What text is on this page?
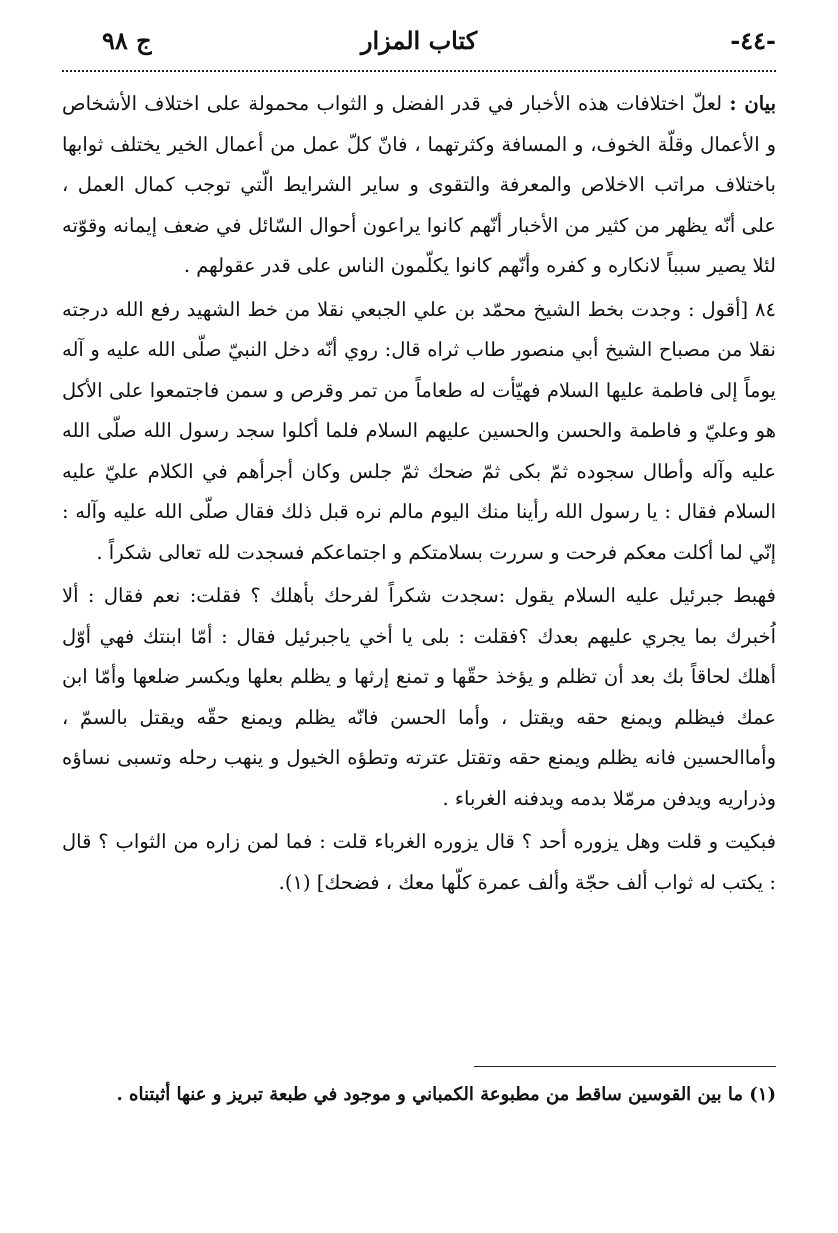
-٤٤-
كتاب المزار
ج ٩٨

بيان : لعلّ اختلافات هذه الأخبار في قدر الفضل و الثواب محمولة على اختلاف الأشخاص و الأعمال وقلّة الخوف، و المسافة وكثرتهما ، فانّ كلّ عمل من أعمال الخير يختلف ثوابها باختلاف مراتب الاخلاص والمعرفة والتقوى و ساير الشرايط الّتي توجب كمال العمل ، على أنّه يظهر من كثير من الأخبار أنّهم كانوا يراعون أحوال السّائل في ضعف إيمانه وقوّته لئلا يصير سبباً لانكاره و كفره وأنّهم كانوا يكلّمون الناس على قدر عقولهم .

٨٤ [أقول : وجدت بخط الشيخ محمّد بن علي الجبعي نقلا من خط الشهيد رفع الله درجته نقلا من مصباح الشيخ أبي منصور طاب ثراه قال: روي أنّه دخل النبيّ صلّى الله عليه و آله يوماً إلى فاطمة عليها السلام فهيّأت له طعاماً من تمر وقرص و سمن فاجتمعوا على الأكل هو وعليّ و فاطمة والحسن والحسين عليهم السلام فلما أكلوا سجد رسول الله صلّى الله عليه وآله وأطال سجوده ثمّ بكى ثمّ ضحك ثمّ جلس وكان أجرأهم في الكلام عليّ عليه السلام فقال : يا رسول الله رأينا منك اليوم مالم نره قبل ذلك فقال صلّى الله عليه وآله : إنّي لما أكلت معكم فرحت و سررت بسلامتكم و اجتماعكم فسجدت لله تعالى شكراً .

فهبط جبرئيل عليه السلام يقول :سجدت شكراً لفرحك بأهلك ؟ فقلت: نعم فقال : ألا اُخبرك بما يجري عليهم بعدك ؟فقلت : بلى يا أخي ياجبرئيل فقال : أمّا ابنتك فهي أوّل أهلك لحاقاً بك بعد أن تظلم و يؤخذ حقّها و تمنع إرثها و يظلم بعلها ويكسر ضلعها وأمّا ابن عمك فيظلم ويمنع حقه ويقتل ، وأما الحسن فانّه يظلم ويمنع حقّه ويقتل بالسمّ ، وأماالحسين فانه يظلم ويمنع حقه وتقتل عترته وتطؤه الخيول و ينهب رحله وتسبى نساؤه وذراريه ويدفن مرمّلا بدمه ويدفنه الغرباء .

فبكيت و قلت وهل يزوره أحد ؟ قال يزوره الغرباء قلت : فما لمن زاره من الثواب ؟ قال : يكتب له ثواب ألف حجّة وألف عمرة كلّها معك ، فضحك] (١).

(١) ما بين القوسين ساقط من مطبوعة الكمباني و موجود في طبعة تبريز و عنها أثبتناه .
